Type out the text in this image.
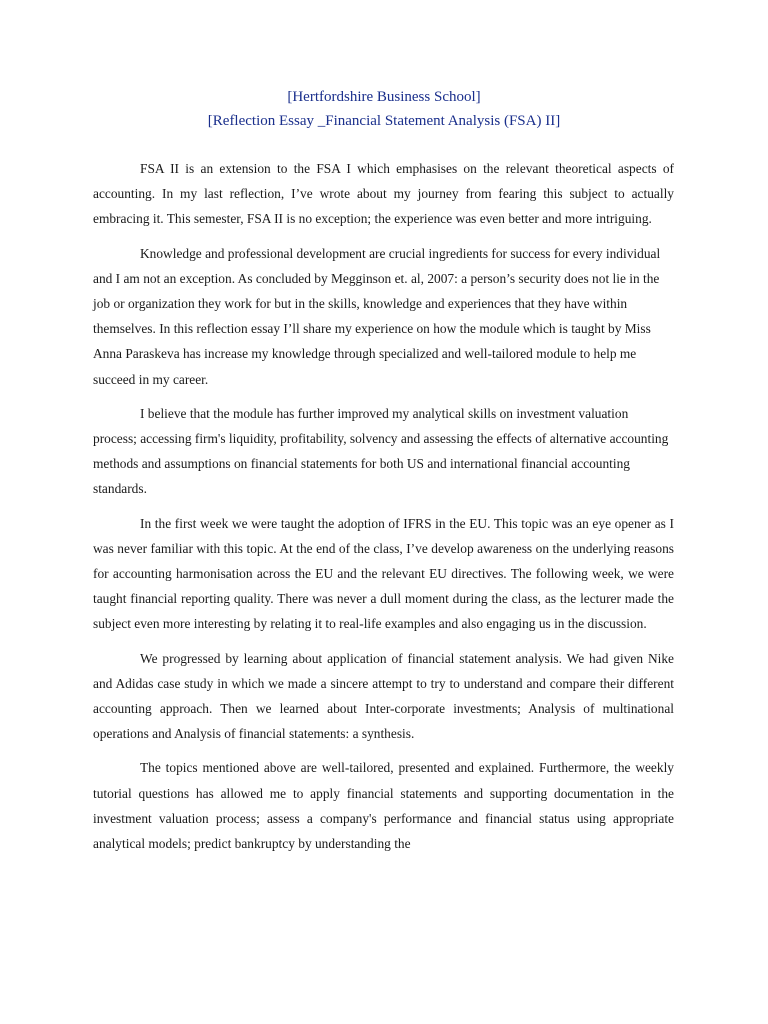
[Hertfordshire Business School]
[Reflection Essay _Financial Statement Analysis (FSA) II]

FSA II is an extension to the FSA I which emphasises on the relevant theoretical aspects of accounting. In my last reflection, I’ve wrote about my journey from fearing this subject to actually embracing it. This semester, FSA II is no exception; the experience was even better and more intriguing.

Knowledge and professional development are crucial ingredients for success for every individual and I am not an exception. As concluded by Megginson et. al, 2007: a person’s security does not lie in the job or organization they work for but in the skills, knowledge and experiences that they have within themselves. In this reflection essay I’ll share my experience on how the module which is taught by Miss Anna Paraskeva has increase my knowledge through specialized and well-tailored module to help me succeed in my career.

I believe that the module has further improved my analytical skills on investment valuation process; accessing firm's liquidity, profitability, solvency and assessing the effects of alternative accounting methods and assumptions on financial statements for both US and international financial accounting standards.

In the first week we were taught the adoption of IFRS in the EU. This topic was an eye opener as I was never familiar with this topic. At the end of the class, I’ve develop awareness on the underlying reasons for accounting harmonisation across the EU and the relevant EU directives. The following week, we were taught financial reporting quality. There was never a dull moment during the class, as the lecturer made the subject even more interesting by relating it to real-life examples and also engaging us in the discussion.

We progressed by learning about application of financial statement analysis. We had given Nike and Adidas case study in which we made a sincere attempt to try to understand and compare their different accounting approach. Then we learned about Inter-corporate investments; Analysis of multinational operations and Analysis of financial statements: a synthesis.

The topics mentioned above are well-tailored, presented and explained. Furthermore, the weekly tutorial questions has allowed me to apply financial statements and supporting documentation in the investment valuation process; assess a company's performance and financial status using appropriate analytical models; predict bankruptcy by understanding the
